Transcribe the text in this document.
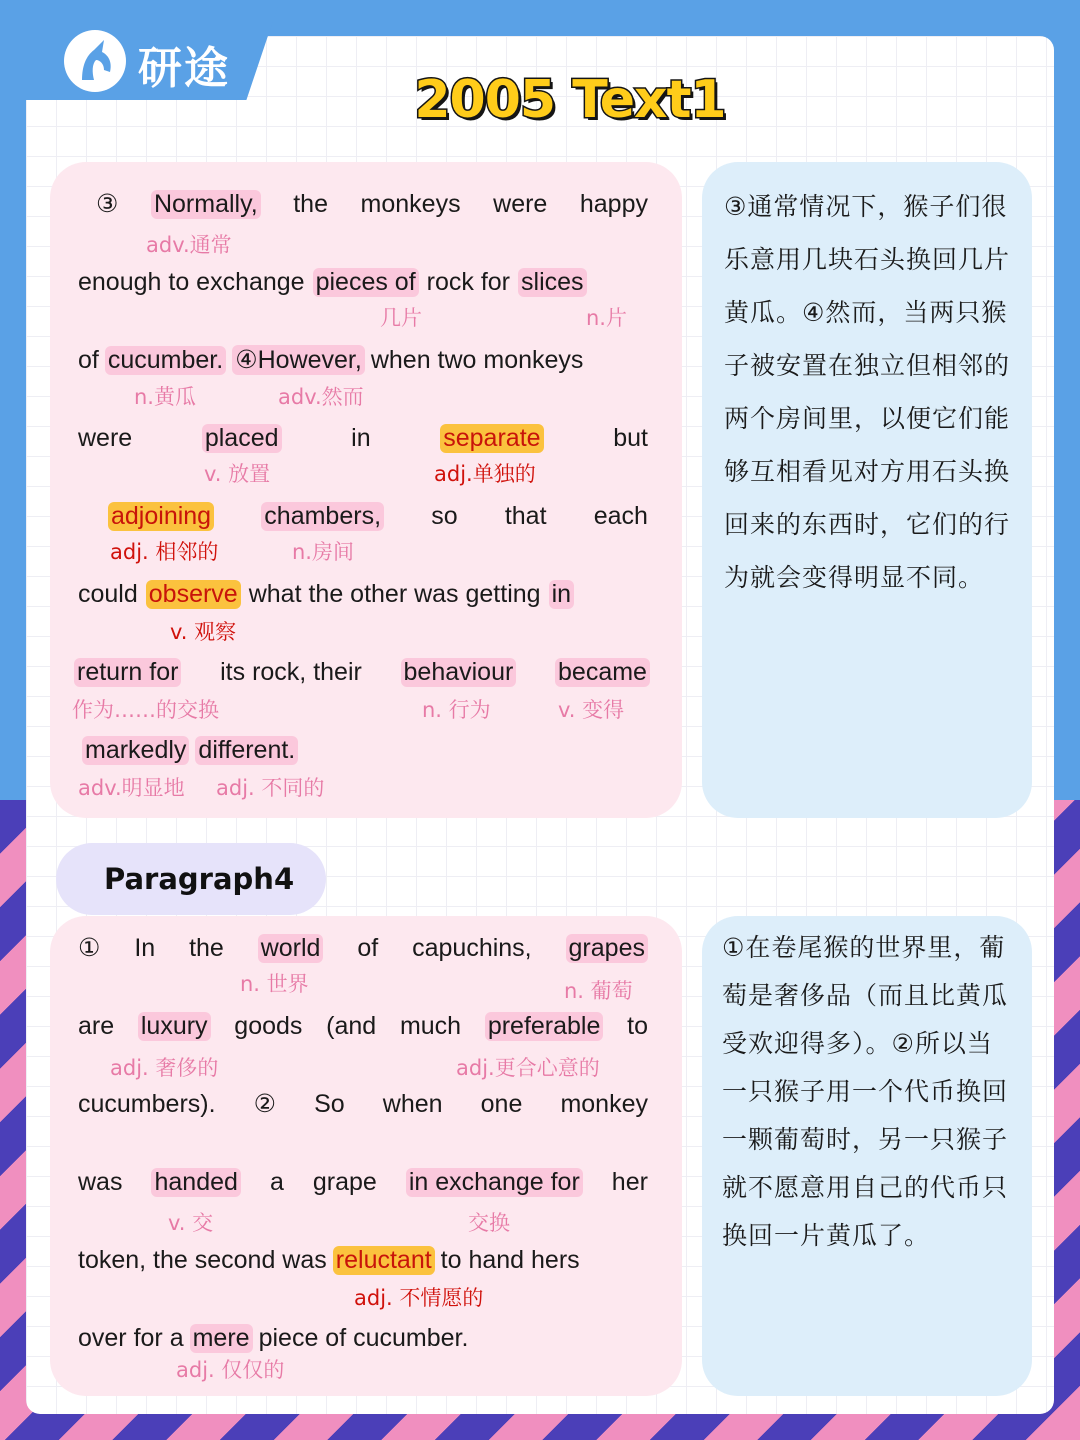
研途
2005 Text1
③ Normally, the monkeys were happy
adv.通常
enough to exchange pieces of rock for slices
几片	n.片
of cucumber. ④However, when two monkeys
n.黄瓜	adv.然而
were	placed	in	separate	but
v. 放置	adj.单独的
adjoining chambers, so that each
adj. 相邻的	n.房间
could observe what the other was getting in
v. 观察
return for its rock, their behaviour became
作为……的交换	n. 行为	v. 变得
markedly different.
adv.明显地 adj. 不同的
③通常情况下，猴子们很
乐意用几块石头换回几片
黄瓜。④然而，当两只猴
子被安置在独立但相邻的
两个房间里，以便它们能
够互相看见对方用石头换
回来的东西时，它们的行
为就会变得明显不同。
Paragraph4
① In the world of capuchins, grapes
n. 世界	n. 葡萄
are luxury goods (and much preferable to
adj. 奢侈的	adj.更合心意的
cucumbers). ② So when one monkey
was handed a grape in exchange for her
v. 交	交换
token, the second was reluctant to hand hers
adj. 不情愿的
over for a mere piece of cucumber.
adj. 仅仅的
①在卷尾猴的世界里，葡
萄是奢侈品（而且比黄瓜
受欢迎得多）。②所以当
一只猴子用一个代币换回
一颗葡萄时，另一只猴子
就不愿意用自己的代币只
换回一片黄瓜了。
